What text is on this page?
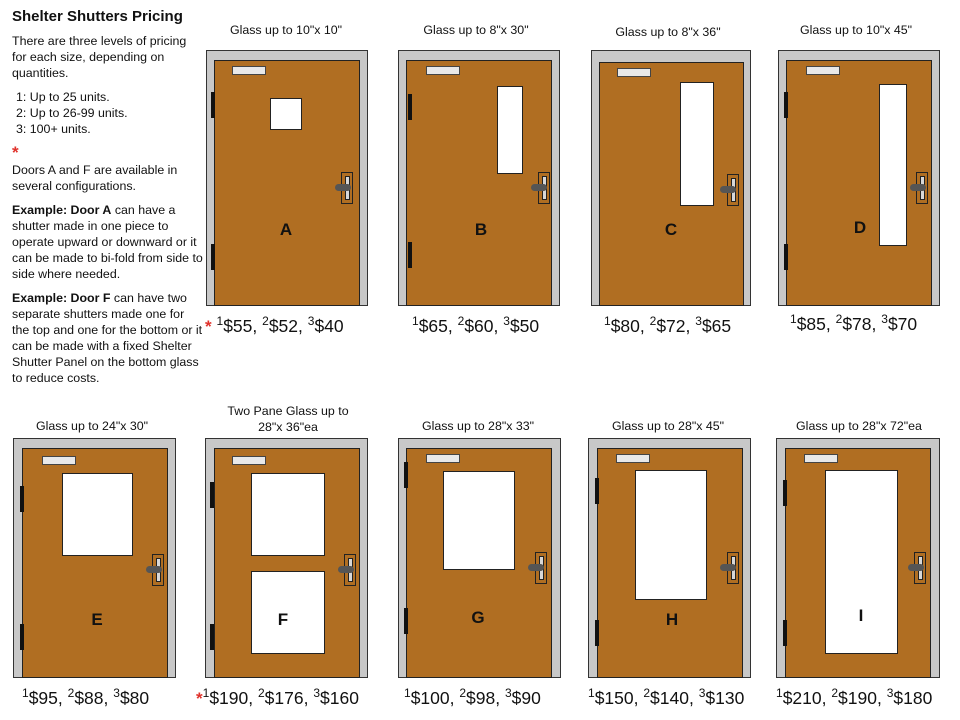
Shelter Shutters Pricing

There are three levels of pricing for each size, depending on quantities.

1: Up to 25 units.
2: Up to 26-99 units.
3: 100+ units.

*
Doors A and F are available in several configurations.

Example: Door A can have a shutter made in one piece to operate upward or downward or it can be made to bi-fold from side to side where needed.

Example: Door F can have two separate shutters made one for the top and one for the bottom or it can be made with a fixed Shelter Shutter Panel on the bottom glass to reduce costs.

Glass up to 10"x 10"
A
* $^1$\$55, $^2$\$52, $^3$\$40
Glass up to 8"x 30"
B
$^1$\$65, $^2$\$60, $^3$\$50
Glass up to 8"x 36"
C
$^1$\$80, $^2$\$72, $^3$\$65
Glass up to 10"x 45"
D
$^1$\$85, $^2$\$78, $^3$\$70
Glass up to 24"x 30"
E
$^1$\$95, $^2$\$88, $^3$\$80
Two Pane Glass up to
28"x 36"ea
F
*$^1$\$190, $^2$\$176, $^3$\$160
Glass up to 28"x 33"
G
$^1$\$100, $^2$\$98, $^3$\$90
Glass up to 28"x 45"
H
$^1$\$150, $^2$\$140, $^3$\$130
Glass up to 28"x 72"ea
I
$^1$\$210, $^2$\$190, $^3$\$180
